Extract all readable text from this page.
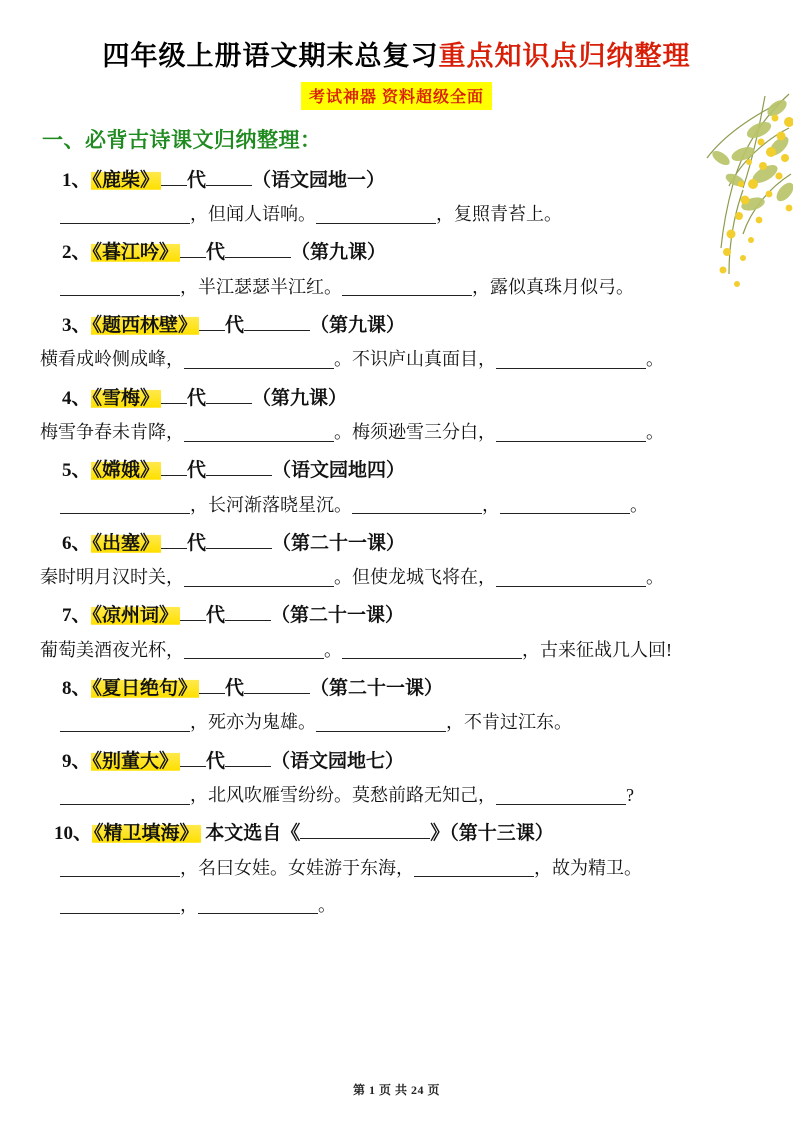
四年级上册语文期末总复习重点知识点归纳整理
考试神器 资料超级全面
一、必背古诗课文归纳整理：
1、 《鹿柴》 代 （语文园地一）
，但闻人语响。	，复照青苔上。
2、 《暮江吟》 代	（第九课）
，半江瑟瑟半江红。	，露似真珠月似弓。
3、 《题西林壁》 代	（第九课）
横看成岭侧成峰，	。不识庐山真面目，	。
4、 《雪梅》 代 （第九课）
梅雪争春未肯降，	。梅须逊雪三分白，	。
5、 《嫦娥》 代	（语文园地四）
，长河渐落晓星沉。	，	。
6、 《出塞》 代	（第二十一课）
秦时明月汉时关，	。但使龙城飞将在，	。
7、 《凉州词》 代 （第二十一课）
葡萄美酒夜光杯，	。	，古来征战几人回!
8、 《夏日绝句》 代	（第二十一课）
，死亦为鬼雄。	，不肯过江东。
9、 《别董大》 代 （语文园地七）
，北风吹雁雪纷纷。莫愁前路无知己，	?
10、 《精卫填海》 本文选自《	》（第十三课）
，名曰女娃。女娃游于东海，	，故为精卫。
，	。
第 1 页 共 24 页
